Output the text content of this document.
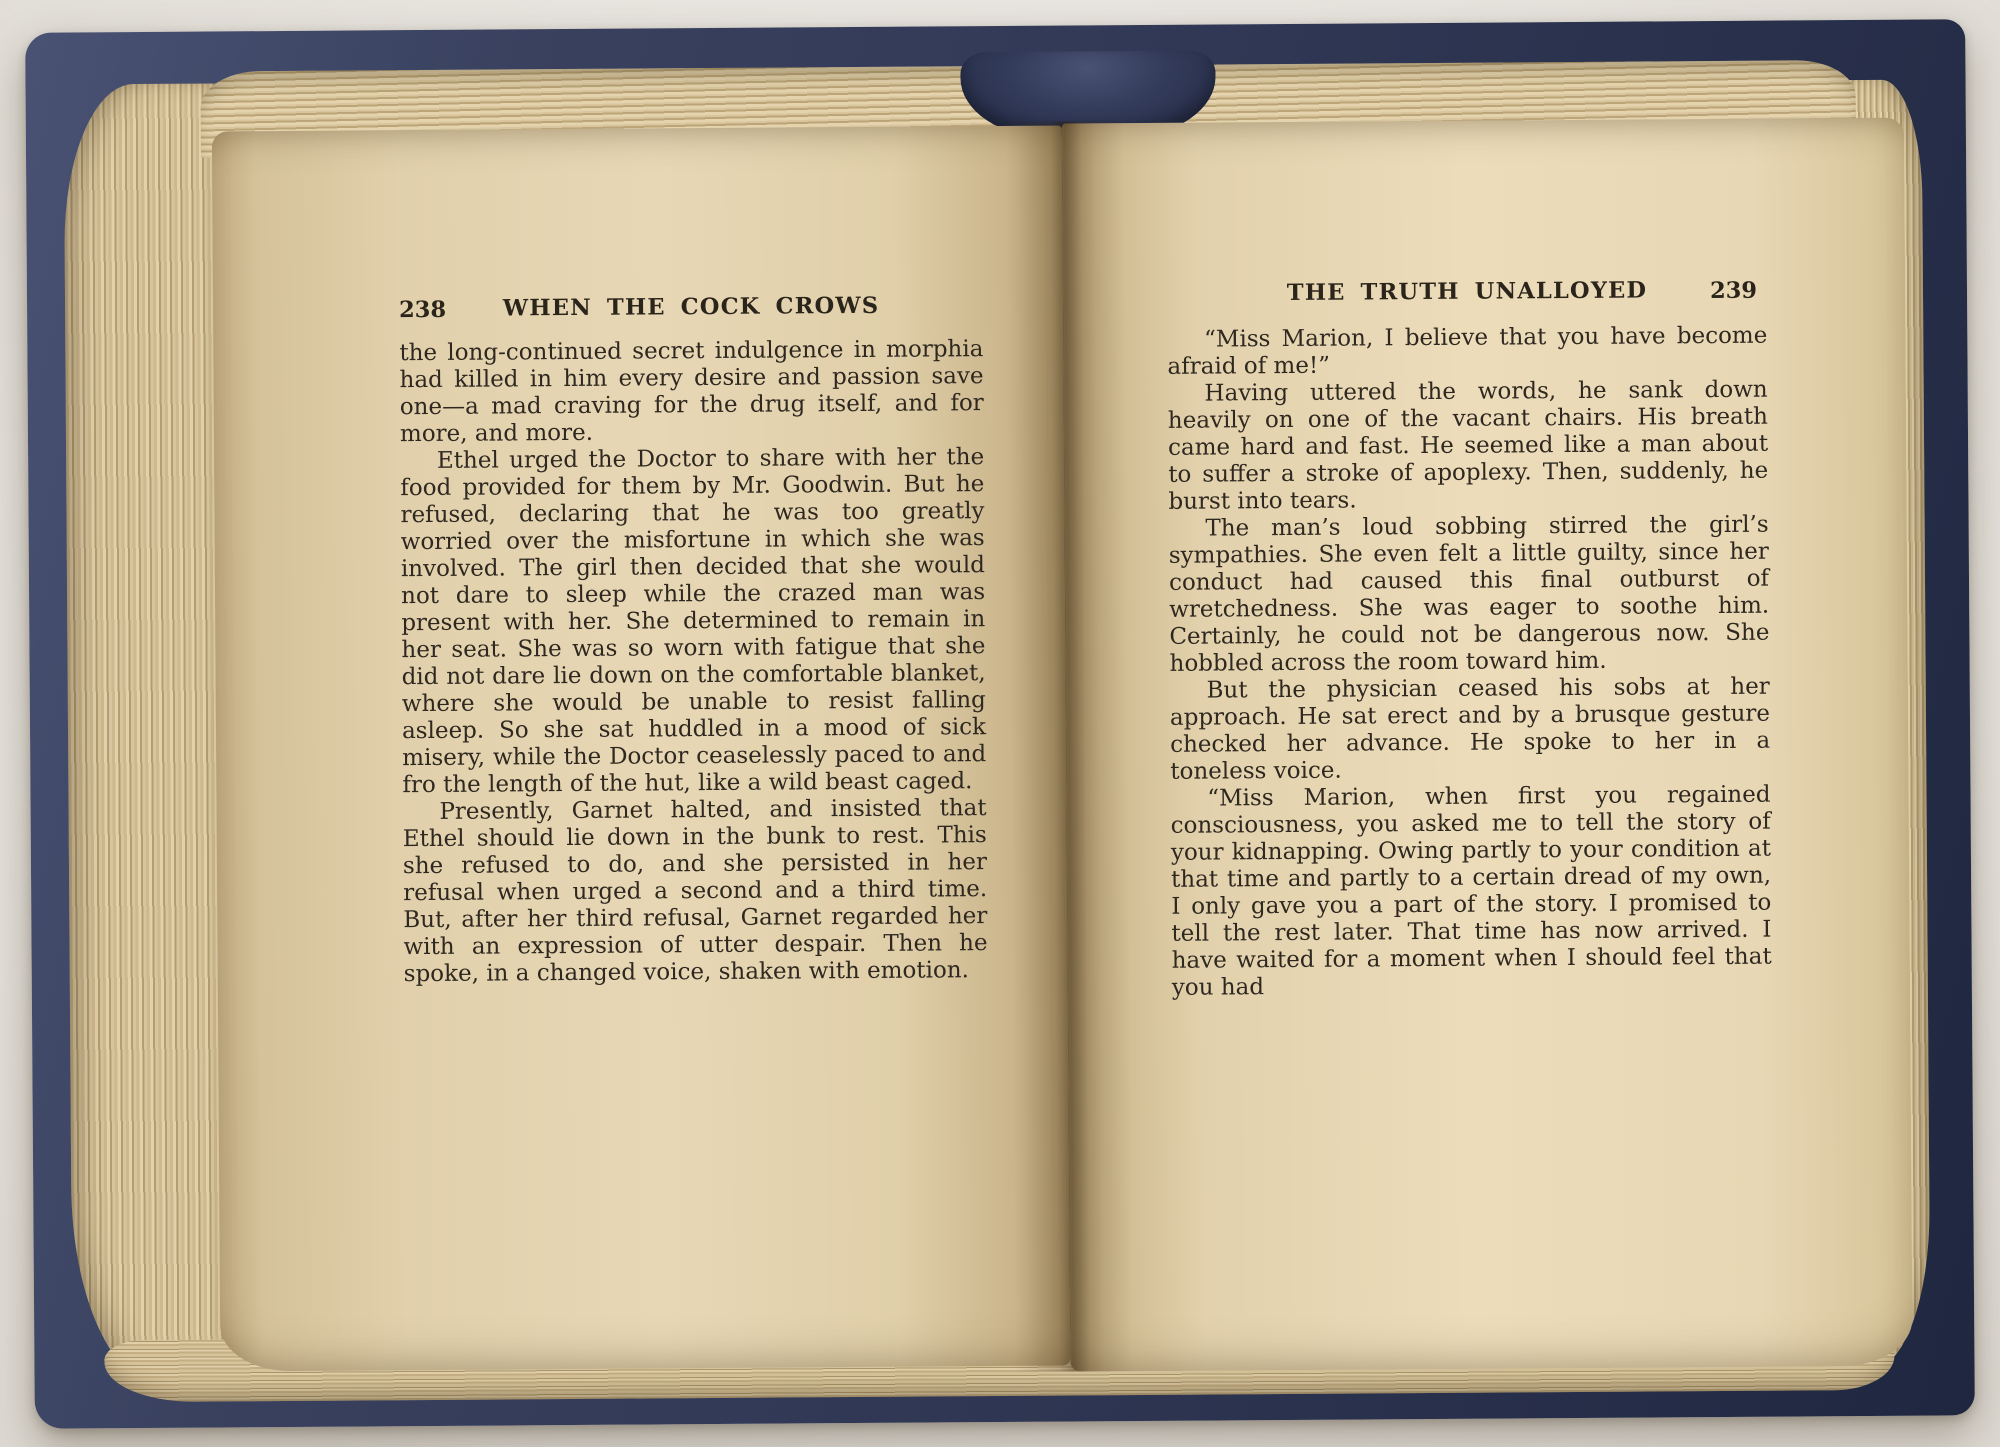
238	WHEN THE COCK CROWS

the long-continued secret indulgence in morphia had killed in him every desire and passion save one—a mad craving for the drug itself, and for more, and more.

Ethel urged the Doctor to share with her the food provided for them by Mr. Goodwin. But he refused, declaring that he was too greatly worried over the misfortune in which she was involved. The girl then decided that she would not dare to sleep while the crazed man was present with her. She determined to remain in her seat. She was so worn with fatigue that she did not dare lie down on the comfortable blanket, where she would be unable to resist falling asleep. So she sat huddled in a mood of sick misery, while the Doctor ceaselessly paced to and fro the length of the hut, like a wild beast caged.

Presently, Garnet halted, and insisted that Ethel should lie down in the bunk to rest. This she refused to do, and she persisted in her refusal when urged a second and a third time. But, after her third refusal, Garnet regarded her with an expression of utter despair. Then he spoke, in a changed voice, shaken with emotion.

THE TRUTH UNALLOYED	239

“Miss Marion, I believe that you have become afraid of me!”

Having uttered the words, he sank down heavily on one of the vacant chairs. His breath came hard and fast. He seemed like a man about to suffer a stroke of apoplexy. Then, suddenly, he burst into tears.

The man’s loud sobbing stirred the girl’s sympathies. She even felt a little guilty, since her conduct had caused this final outburst of wretchedness. She was eager to soothe him. Certainly, he could not be dangerous now. She hobbled across the room toward him.

But the physician ceased his sobs at her approach. He sat erect and by a brusque gesture checked her advance. He spoke to her in a toneless voice.

“Miss Marion, when first you regained consciousness, you asked me to tell the story of your kidnapping. Owing partly to your condition at that time and partly to a certain dread of my own, I only gave you a part of the story. I promised to tell the rest later. That time has now arrived. I have waited for a moment when I should feel that you had
